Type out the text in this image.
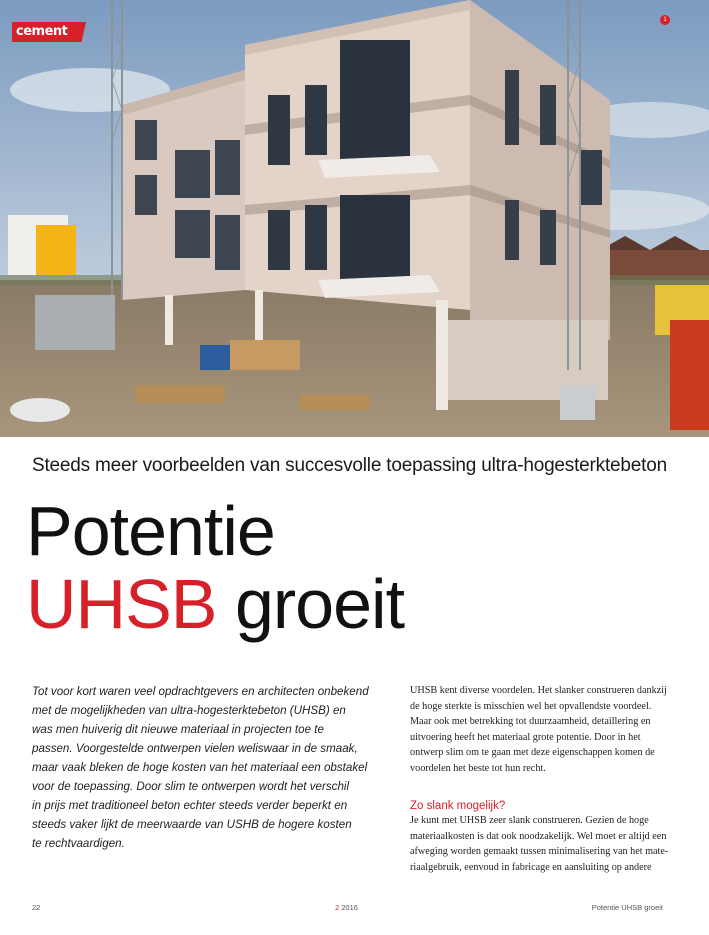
cement
1
Steeds meer voorbeelden van succesvolle toepassing ultra-hogesterktebeton
Potentie
UHSB groeit
Tot voor kort waren veel opdrachtgevers en architecten onbekend
met de mogelijkheden van ultra-hogesterktebeton (UHSB) en
was men huiverig dit nieuwe materiaal in projecten toe te
passen. Voorgestelde ontwerpen vielen weliswaar in de smaak,
maar vaak bleken de hoge kosten van het materiaal een obstakel
voor de toepassing. Door slim te ontwerpen wordt het verschil
in prijs met traditioneel beton echter steeds verder beperkt en
steeds vaker lijkt de meerwaarde van USHB de hogere kosten
te rechtvaardigen.
UHSB kent diverse voordelen. Het slanker construeren dankzij
de hoge sterkte is misschien wel het opvallendste voordeel.
Maar ook met betrekking tot duurzaamheid, detaillering en
uitvoering heeft het materiaal grote potentie. Door in het
ontwerp slim om te gaan met deze eigenschappen komen de
voordelen het beste tot hun recht.
Zo slank mogelijk?
Je kunt met UHSB zeer slank construeren. Gezien de hoge
materiaalkosten is dat ook noodzakelijk. Wel moet er altijd een
afweging worden gemaakt tussen minimalisering van het mate-
riaalgebruik, eenvoud in fabricage en aansluiting op andere
22	2 2016	Potentie UHSB groeit
